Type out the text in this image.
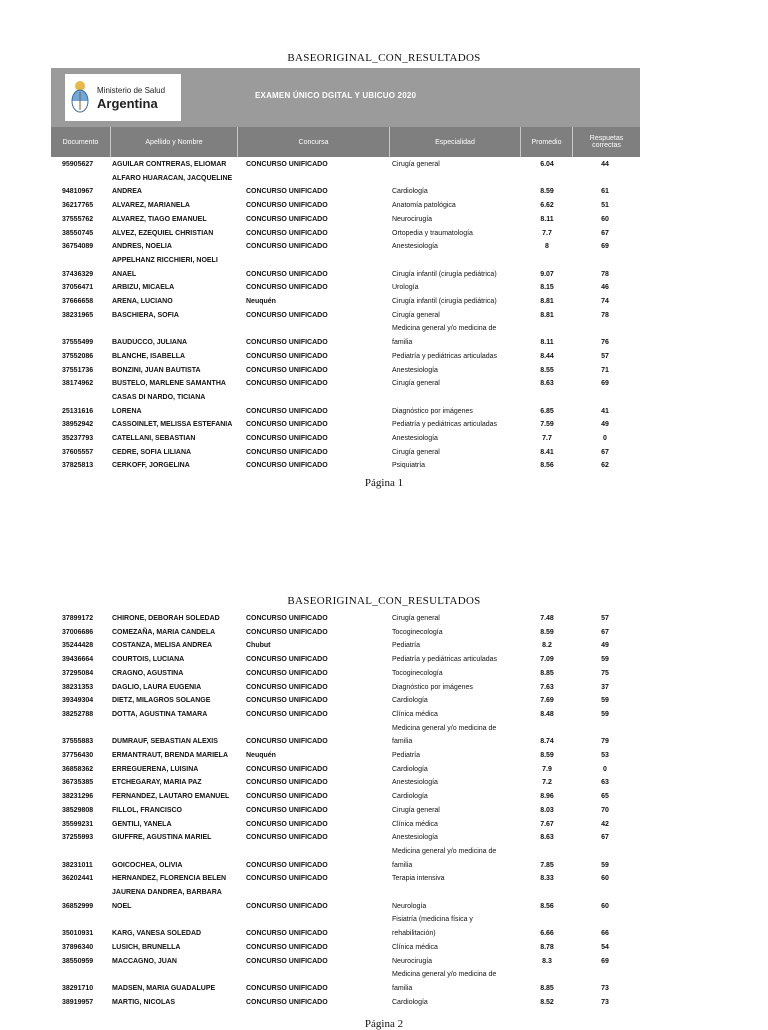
BASEORIGINAL_CON_RESULTADOS
Ministerio de Salud
Argentina
EXAMEN ÚNICO DGITAL Y UBICUO 2020
Documento	Apellido y Nombre	Concursa	Especialidad	Promedio	Respuetas
correctas
95905627	AGUILAR CONTRERAS, ELIOMAR	CONCURSO UNIFICADO	Cirugía general	6.04	44
ALFARO HUARACAN, JACQUELINE
94810967	ANDREA	CONCURSO UNIFICADO	Cardiología	8.59	61
36217765	ALVAREZ, MARIANELA	CONCURSO UNIFICADO	Anatomía patológica	6.62	51
37555762	ALVAREZ, TIAGO EMANUEL	CONCURSO UNIFICADO	Neurocirugía	8.11	60
38550745	ALVEZ, EZEQUIEL CHRISTIAN	CONCURSO UNIFICADO	Ortopedia y traumatología	7.7	67
36754089	ANDRES, NOELIA	CONCURSO UNIFICADO	Anestesiología	8	69
APPELHANZ RICCHIERI, NOELI
37436329	ANAEL	CONCURSO UNIFICADO	Cirugía infantil (cirugía pediátrica)	9.07	78
37056471	ARBIZU, MICAELA	CONCURSO UNIFICADO	Urología	8.15	46
37666658	ARENA, LUCIANO	Neuquén	Cirugía infantil (cirugía pediátrica)	8.81	74
38231965	BASCHIERA, SOFIA	CONCURSO UNIFICADO	Cirugía general	8.81	78
Medicina general y/o medicina de
37555499	BAUDUCCO, JULIANA	CONCURSO UNIFICADO	familia	8.11	76
37552086	BLANCHE, ISABELLA	CONCURSO UNIFICADO	Pediatría y pediátricas articuladas	8.44	57
37551736	BONZINI, JUAN BAUTISTA	CONCURSO UNIFICADO	Anestesiología	8.55	71
38174962	BUSTELO, MARLENE SAMANTHA	CONCURSO UNIFICADO	Cirugía general	8.63	69
CASAS DI NARDO, TICIANA
25131616	LORENA	CONCURSO UNIFICADO	Diagnóstico por imágenes	6.85	41
38952942	CASSOINLET, MELISSA ESTEFANIA CONCURSO UNIFICADO	Pediatría y pediátricas articuladas	7.59	49
35237793	CATELLANI, SEBASTIAN	CONCURSO UNIFICADO	Anestesiología	7.7	0
37605557	CEDRE, SOFIA LILIANA	CONCURSO UNIFICADO	Cirugía general	8.41	67
37825813	CERKOFF, JORGELINA	CONCURSO UNIFICADO	Psiquiatría	8.56	62
Página 1
BASEORIGINAL_CON_RESULTADOS
37899172	CHIRONE, DEBORAH SOLEDAD	CONCURSO UNIFICADO	Cirugía general	7.48	57
37006686	COMEZAÑA, MARIA CANDELA	CONCURSO UNIFICADO	Tocoginecología	8.59	67
35244428	COSTANZA, MELISA ANDREA	Chubut	Pediatría	8.2	49
39436664	COURTOIS, LUCIANA	CONCURSO UNIFICADO	Pediatría y pediátricas articuladas	7.09	59
37295084	CRAGNO, AGUSTINA	CONCURSO UNIFICADO	Tocoginecología	8.85	75
38231353	DAGLIO, LAURA EUGENIA	CONCURSO UNIFICADO	Diagnóstico por imágenes	7.63	37
39349304	DIETZ, MILAGROS SOLANGE	CONCURSO UNIFICADO	Cardiología	7.69	59
38252788	DOTTA, AGUSTINA TAMARA	CONCURSO UNIFICADO	Clínica médica	8.48	59
Medicina general y/o medicina de
37555883	DUMRAUF, SEBASTIAN ALEXIS	CONCURSO UNIFICADO	familia	8.74	79
37756430	ERMANTRAUT, BRENDA MARIELA	Neuquén	Pediatría	8.59	53
36858362	ERREGUERENA, LUISINA	CONCURSO UNIFICADO	Cardiología	7.9	0
36735385	ETCHEGARAY, MARIA PAZ	CONCURSO UNIFICADO	Anestesiología	7.2	63
38231296	FERNANDEZ, LAUTARO EMANUEL CONCURSO UNIFICADO	Cardiología	8.96	65
38529808	FILLOL, FRANCISCO	CONCURSO UNIFICADO	Cirugía general	8.03	70
35599231	GENTILI, YANELA	CONCURSO UNIFICADO	Clínica médica	7.67	42
37255993	GIUFFRE, AGUSTINA MARIEL	CONCURSO UNIFICADO	Anestesiología	8.63	67
Medicina general y/o medicina de
38231011	GOICOCHEA, OLIVIA	CONCURSO UNIFICADO	familia	7.85	59
36202441	HERNANDEZ, FLORENCIA BELEN	CONCURSO UNIFICADO	Terapia intensiva	8.33	60
JAURENA DANDREA, BARBARA
36852999	NOEL	CONCURSO UNIFICADO	Neurología	8.56	60
Fisiatría (medicina física y
35010931	KARG, VANESA SOLEDAD	CONCURSO UNIFICADO	rehabilitación)	6.66	66
37896340	LUSICH, BRUNELLA	CONCURSO UNIFICADO	Clínica médica	8.78	54
38550959	MACCAGNO, JUAN	CONCURSO UNIFICADO	Neurocirugía	8.3	69
Medicina general y/o medicina de
38291710	MADSEN, MARIA GUADALUPE	CONCURSO UNIFICADO	familia	8.85	73
38919957	MARTIG, NICOLAS	CONCURSO UNIFICADO	Cardiología	8.52	73
Página 2
